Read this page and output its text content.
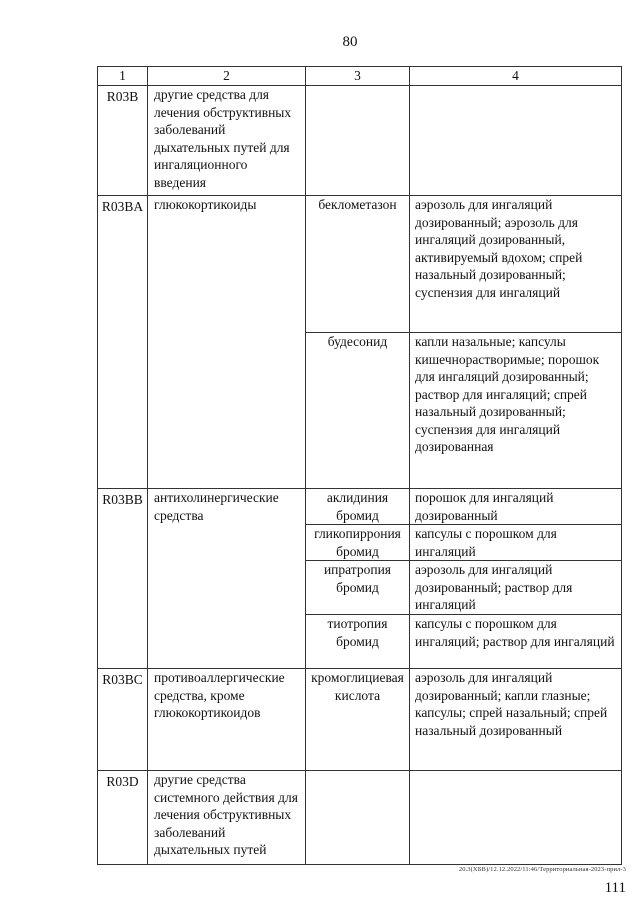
80
1	2	3	4
R03B	другие средства для лечения обструктивных заболеваний дыхательных путей для ингаляционного введения		
R03BA	глюкокортикоиды	беклометазон	аэрозоль для ингаляций дозированный; аэрозоль для ингаляций дозированный, активируемый вдохом; спрей назальный дозированный; суспензия для ингаляций
		будесонид	капли назальные; капсулы кишечнорастворимые; порошок для ингаляций дозированный; раствор для ингаляций; спрей назальный дозированный; суспензия для ингаляций дозированная
R03BB	антихолинергические средства	аклидиния бромид	порошок для ингаляций дозированный
		гликопиррония бромид	капсулы с порошком для ингаляций
		ипратропия бромид	аэрозоль для ингаляций дозированный; раствор для ингаляций
		тиотропия бромид	капсулы с порошком для ингаляций; раствор для ингаляций
R03BC	противоаллергические средства, кроме глюкокортикоидов	кромоглициевая кислота	аэрозоль для ингаляций дозированный; капли глазные; капсулы; спрей назальный; спрей назальный дозированный
R03D	другие средства системного действия для лечения обструктивных заболеваний дыхательных путей		
20.3(ХБВ)/12.12.2022/11:46/Территориальная-2023-прил-3
111
